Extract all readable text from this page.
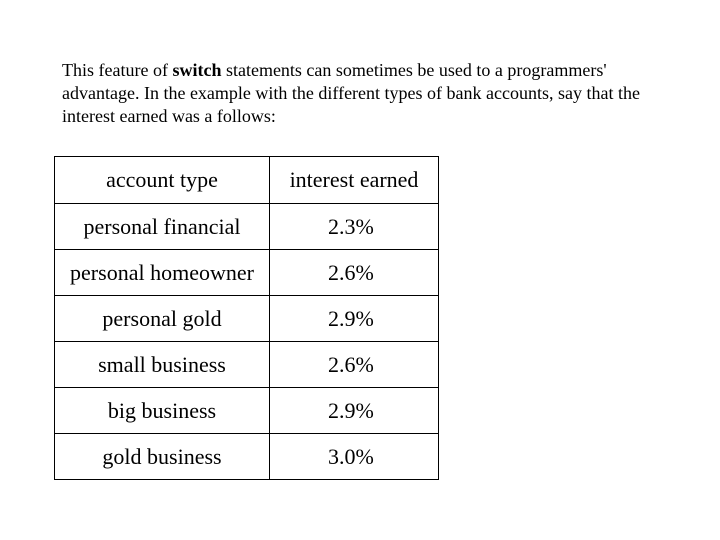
This feature of switch statements can sometimes be used to a programmers' advantage. In the example with the different types of bank accounts, say that the interest earned was a follows:

account type	interest earned
personal financial	2.3%
personal homeowner	2.6%
personal gold	2.9%
small business	2.6%
big business	2.9%
gold business	3.0%
